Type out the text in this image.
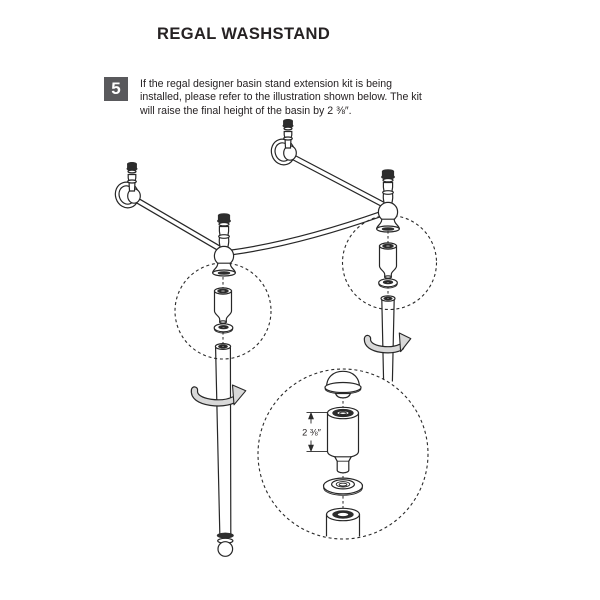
REGAL WASHSTAND
5	If the regal designer basin stand extension kit is being
installed, please refer to the illustration shown below. The kit
will raise the final height of the basin by 2 ⅜″.
2 ⅜″
